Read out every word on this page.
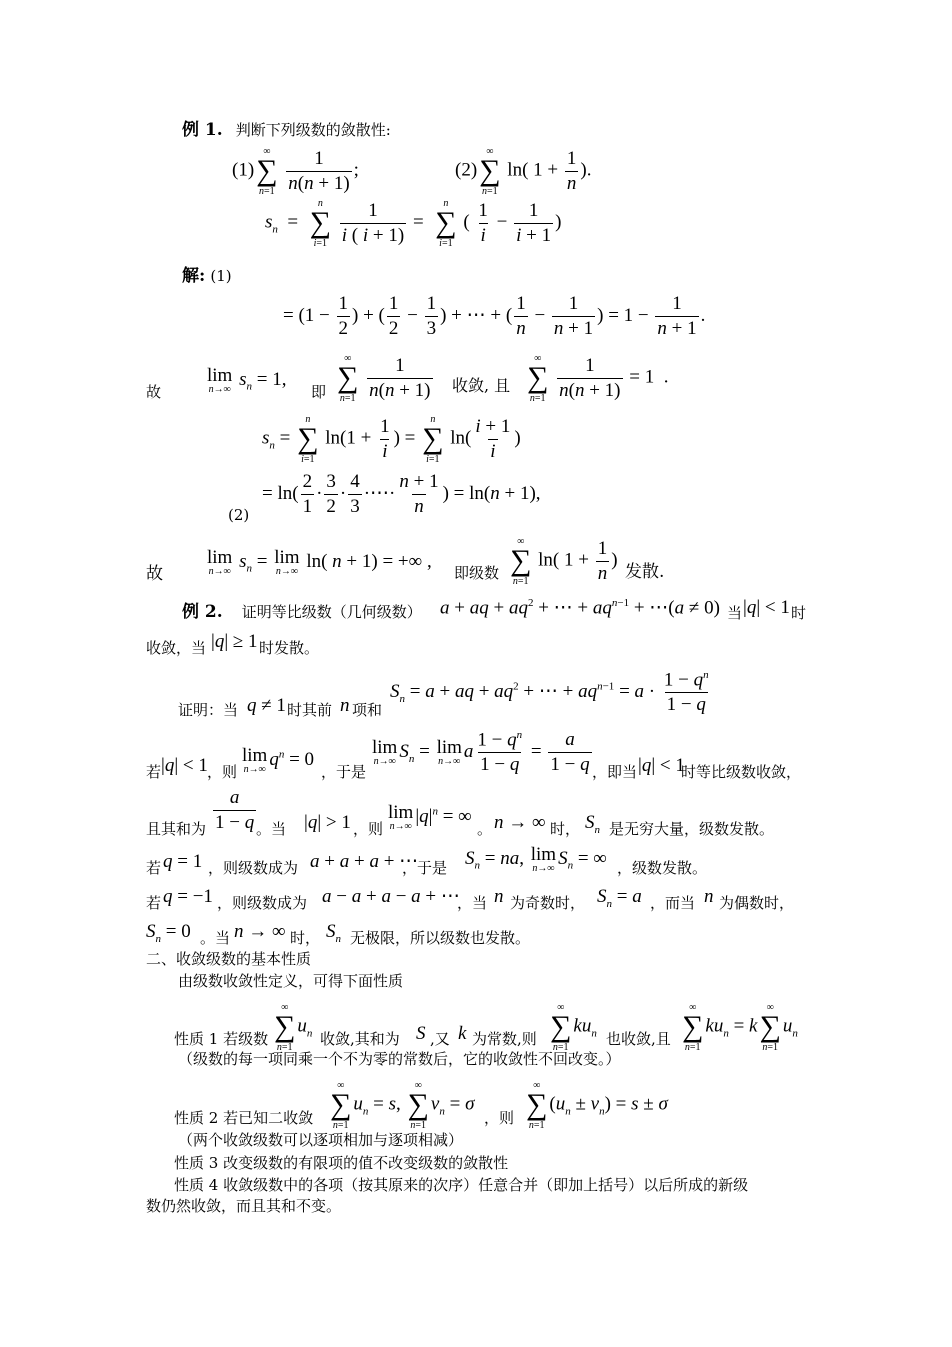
例 1. 判断下列级数的敛散性:
(1)
∞
∑
n=1
$\frac{1}{n(n + 1)}$ ;	(2)
∞
∑
n=1
ln( $1 + \frac{1}{n}$ ).
$s_n$  =
n
∑
i=1
$\frac{1}{i ( i + 1)}$ =
n
∑
i=1
( $\frac{1}{i} - \frac{1}{i + 1}$ )
解: (1)
= ($1 - \frac{1}{2}$ ) + ( $\frac{1}{2} - \frac{1}{3}$ ) + ⋯ + ( $\frac{1}{n} - \frac{1}{n + 1}$ ) = $1 - \frac{1}{n + 1}$ .
故
lim
n→∞ $s_n = 1$,
即
∞
∑
n=1
$\frac{1}{n(n + 1)}$ 收敛, 且
∞
∑
n=1
$\frac{1}{n(n + 1)} = 1$  .
$s_n$ =
n
∑
i=1
$\ln(1 + \frac{1}{i}$ ) =
n
∑
i=1
$\ln( \frac{i + 1}{i}$ )
(2)
= $\ln( \frac{2}{1} \cdot \frac{3}{2} \cdot \frac{4}{3}$ ·⋯· $\frac{n + 1}{n}$ ) = ln(n + 1),
故
lim
n→∞ $s_n = \lim$
n→∞ ln( n + 1) = +∞ ,
即级数
∞
∑
n=1
ln( $1 + \frac{1}{n}$ )
发散.
例 2. 证明等比级数（几何级数） a + aq + $aq^2$ + ⋯ + $aq^{n-1}$ + ⋯(a ≠ 0) 当 |q| < 1 时
收敛，当 |q| ≥ 1 时发散。
证明：当 q ≠ 1 时其前 n 项和
$S_n = a$ + aq + $aq^2$ + ⋯ + $aq^{n-1} = a \cdot \frac{1 - q^n}{1 - q}$
若 |q| < 1 ，则
lim
n→∞ $q^n = 0$
，于是
lim
n→∞ $S_n = \lim$
n→∞ a $\frac{1 - q^n}{1 - q} = \frac{a}{1 - q}$ ，即当 |q| < 1
时等比级数收敛，
且其和为 $\frac{a}{1 - q}$ 。当 |q| > 1 ，则
lim
n→∞ $|q|^n$ = ∞
。 n → ∞ 时， $S_n$ 是无穷大量，级数发散。
若 q = 1 ，则级数成为 a + a + a + ⋯
，于是 $S_n$ = na, lim
n→∞ $S_n$ = ∞ ，级数发散。
若 q = −1 ，则级数成为 a − a + a − a + ⋯
，当 n 为奇数时， $S_n = a$ ，而当 n 为偶数时，
$S_n = 0$ 。当 n → ∞ 时， $S_n$ 无极限，所以级数也发散。
二、收敛级数的基本性质
由级数收敛性定义，可得下面性质
性质 1 若级数
∞
∑
n=1
$u_n$ 收敛,其和为 S ,又 k 为常数,则
∞
∑
n=1
$ku_n$ 也收敛,且
∞
∑
n=1
$ku_n = k$
∞
∑
n=1
$u_n$
（级数的每一项同乘一个不为零的常数后，它的收敛性不回改变。）
性质 2 若已知二收敛
∞
∑
n=1
$u_n = s$,
∞
∑
n=1
$v_n = \sigma$
，则
∞
∑
n=1
$(u_n \pm v_n) = s \pm \sigma$
（两个收敛级数可以逐项相加与逐项相减）
性质 3 改变级数的有限项的值不改变级数的敛散性
性质 4 收敛级数中的各项（按其原来的次序）任意合并（即加上括号）以后所成的新级
数仍然收敛，而且其和不变。
